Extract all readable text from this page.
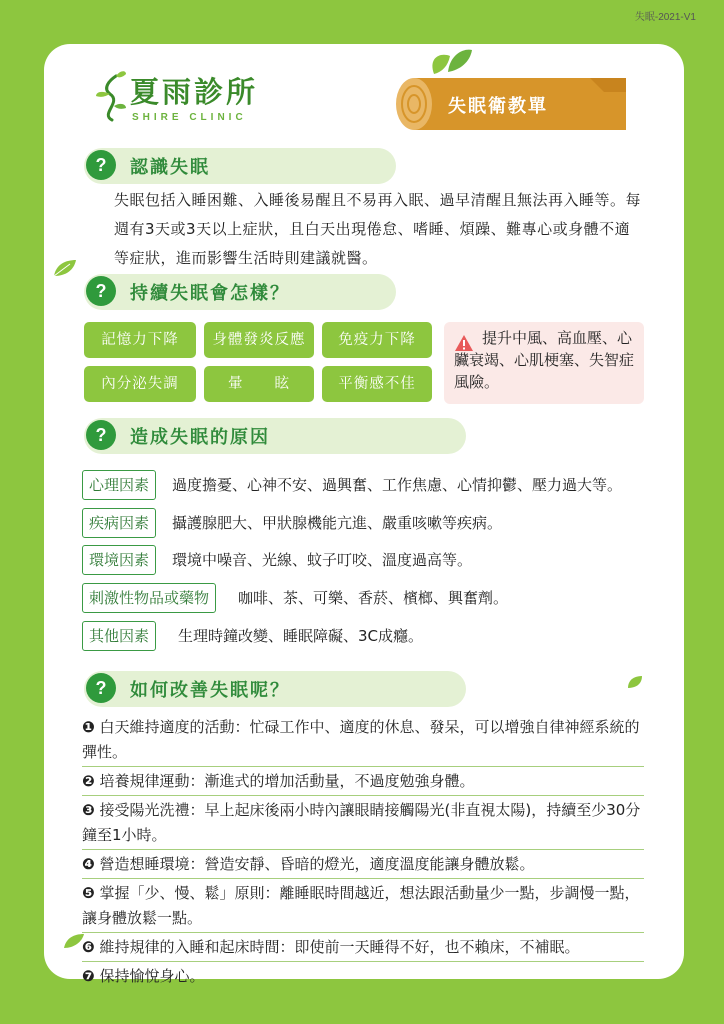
失眠-2021-V1
夏雨診所
SHIRE CLINIC
失眠衛教單
?	認識失眠
失眠包括入睡困難、入睡後易醒且不易再入眠、過早清醒且無法再入睡等。每週有3天或3天以上症狀，且白天出現倦怠、嗜睡、煩躁、難專心或身體不適等症狀，進而影響生活時則建議就醫。
?	持續失眠會怎樣？
記憶力下降	身體發炎反應	免疫力下降
內分泌失調	暈　　眩	平衡感不佳
提升中風、高血壓、心臟衰竭、心肌梗塞、失智症風險。
?	造成失眠的原因
心理因素	過度擔憂、心神不安、過興奮、工作焦慮、心情抑鬱、壓力過大等。
疾病因素	攝護腺肥大、甲狀腺機能亢進、嚴重咳嗽等疾病。
環境因素	環境中噪音、光線、蚊子叮咬、溫度過高等。
刺激性物品或藥物	咖啡、茶、可樂、香菸、檳榔、興奮劑。
其他因素	生理時鐘改變、睡眠障礙、3C成癮。
?	如何改善失眠呢？
❶ 白天維持適度的活動：忙碌工作中、適度的休息、發呆，可以增強自律神經系統的彈性。
❷ 培養規律運動：漸進式的增加活動量，不過度勉強身體。
❸ 接受陽光洗禮：早上起床後兩小時內讓眼睛接觸陽光(非直視太陽)，持續至少30分鐘至1小時。
❹ 營造想睡環境：營造安靜、昏暗的燈光，適度溫度能讓身體放鬆。
❺ 掌握「少、慢、鬆」原則：離睡眠時間越近，想法跟活動量少一點，步調慢一點，讓身體放鬆一點。
❻ 維持規律的入睡和起床時間：即使前一天睡得不好，也不賴床，不補眠。
❼ 保持愉悅身心。
